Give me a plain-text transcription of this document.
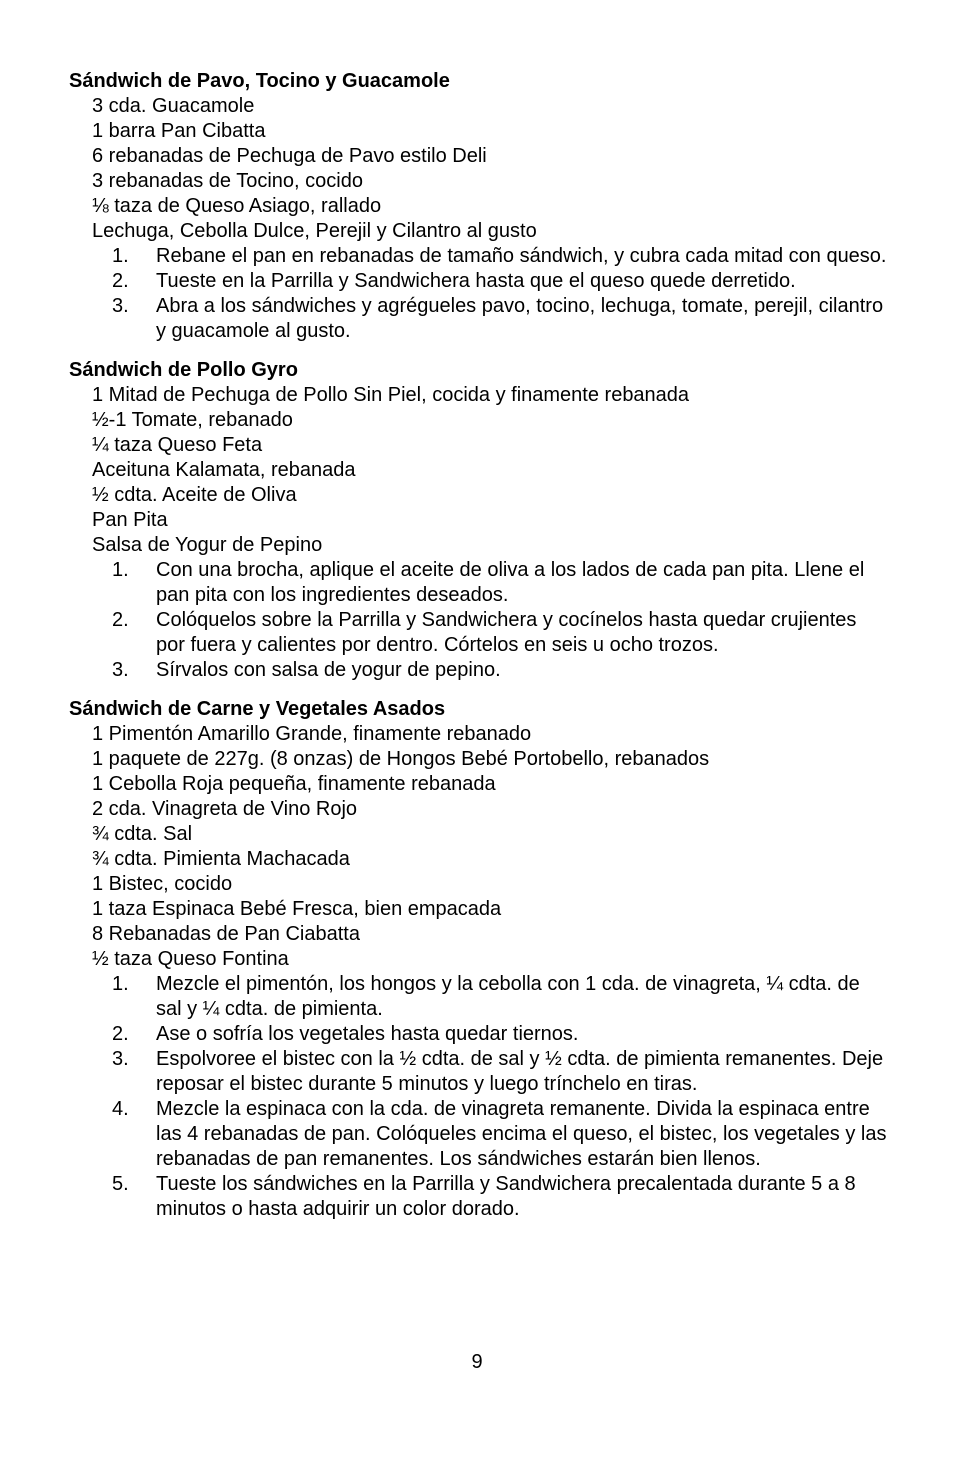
Sándwich de Pavo, Tocino y Guacamole
3 cda. Guacamole
1 barra Pan Cibatta
6 rebanadas de Pechuga de Pavo estilo Deli
3 rebanadas de Tocino, cocido
⅛ taza de Queso Asiago, rallado
Lechuga, Cebolla Dulce, Perejil y Cilantro al gusto
1. Rebane el pan en rebanadas de tamaño sándwich, y cubra cada mitad con queso.
2. Tueste en la Parrilla y Sandwichera hasta que el queso quede derretido.
3. Abra a los sándwiches y agrégueles pavo, tocino, lechuga, tomate, perejil, cilantro y guacamole al gusto.
Sándwich de Pollo Gyro
1 Mitad de Pechuga de Pollo Sin Piel, cocida y finamente rebanada
½-1 Tomate, rebanado
¼ taza Queso Feta
Aceituna Kalamata, rebanada
½ cdta. Aceite de Oliva
Pan Pita
Salsa de Yogur de Pepino
1. Con una brocha, aplique el aceite de oliva a los lados de cada pan pita. Llene el pan pita con los ingredientes deseados.
2. Colóquelos sobre la Parrilla y Sandwichera y cocínelos hasta quedar crujientes por fuera y calientes por dentro. Córtelos en seis u ocho trozos.
3. Sírvalos con salsa de yogur de pepino.
Sándwich de Carne y Vegetales Asados
1 Pimentón Amarillo Grande, finamente rebanado
1 paquete de 227g. (8 onzas) de Hongos Bebé Portobello, rebanados
1 Cebolla Roja pequeña, finamente rebanada
2 cda. Vinagreta de Vino Rojo
¾ cdta. Sal
¾ cdta. Pimienta Machacada
1 Bistec, cocido
1 taza Espinaca Bebé Fresca, bien empacada
8 Rebanadas de Pan Ciabatta
½ taza Queso Fontina
1. Mezcle el pimentón, los hongos y la cebolla con 1 cda. de vinagreta, ¼ cdta. de sal y ¼ cdta. de pimienta.
2. Ase o sofría los vegetales hasta quedar tiernos.
3. Espolvoree el bistec con la ½ cdta. de sal y ½ cdta. de pimienta remanentes. Deje reposar el bistec durante 5 minutos y luego trínchelo en tiras.
4. Mezcle la espinaca con la cda. de vinagreta remanente. Divida la espinaca entre las 4 rebanadas de pan. Colóqueles encima el queso, el bistec, los vegetales y las rebanadas de pan remanentes. Los sándwiches estarán bien llenos.
5. Tueste los sándwiches en la Parrilla y Sandwichera precalentada durante 5 a 8 minutos o hasta adquirir un color dorado.
9
